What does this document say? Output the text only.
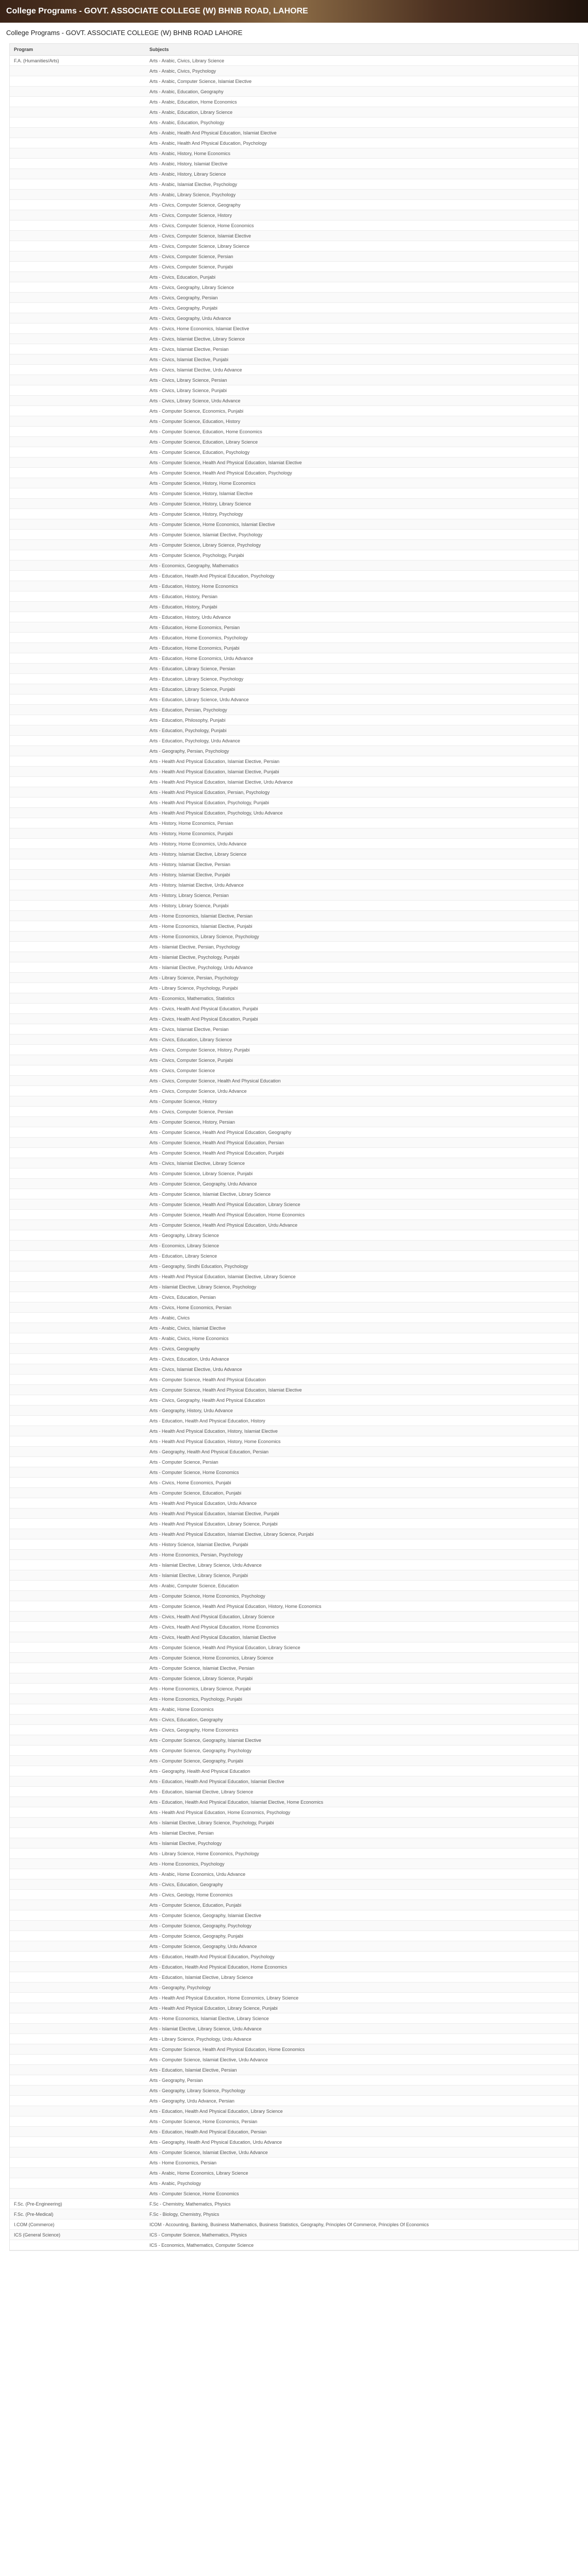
College Programs - GOVT. ASSOCIATE COLLEGE (W) BHNB ROAD, LAHORE
College Programs - GOVT. ASSOCIATE COLLEGE (W) BHNB ROAD LAHORE
Program	Subjects
F.A. (Humanities/Arts)	Arts - Arabic, Civics, Library Science
	Arts - Arabic, Civics, Psychology
	Arts - Arabic, Computer Science, Islamiat Elective
	Arts - Arabic, Education, Geography
	Arts - Arabic, Education, Home Economics
	Arts - Arabic, Education, Library Science
	Arts - Arabic, Education, Psychology
	Arts - Arabic, Health And Physical Education, Islamiat Elective
	Arts - Arabic, Health And Physical Education, Psychology
	Arts - Arabic, History, Home Economics
	Arts - Arabic, History, Islamiat Elective
	Arts - Arabic, History, Library Science
	Arts - Arabic, Islamiat Elective, Psychology
	Arts - Arabic, Library Science, Psychology
	Arts - Civics, Computer Science, Geography
	Arts - Civics, Computer Science, History
	Arts - Civics, Computer Science, Home Economics
	Arts - Civics, Computer Science, Islamiat Elective
	Arts - Civics, Computer Science, Library Science
	Arts - Civics, Computer Science, Persian
	Arts - Civics, Computer Science, Punjabi
	Arts - Civics, Education, Punjabi
	Arts - Civics, Geography, Library Science
	Arts - Civics, Geography, Persian
	Arts - Civics, Geography, Punjabi
	Arts - Civics, Geography, Urdu Advance
	Arts - Civics, Home Economics, Islamiat Elective
	Arts - Civics, Islamiat Elective, Library Science
	Arts - Civics, Islamiat Elective, Persian
	Arts - Civics, Islamiat Elective, Punjabi
	Arts - Civics, Islamiat Elective, Urdu Advance
	Arts - Civics, Library Science, Persian
	Arts - Civics, Library Science, Punjabi
	Arts - Civics, Library Science, Urdu Advance
	Arts - Computer Science, Economics, Punjabi
	Arts - Computer Science, Education, History
	Arts - Computer Science, Education, Home Economics
	Arts - Computer Science, Education, Library Science
	Arts - Computer Science, Education, Psychology
	Arts - Computer Science, Health And Physical Education, Islamiat Elective
	Arts - Computer Science, Health And Physical Education, Psychology
	Arts - Computer Science, History, Home Economics
	Arts - Computer Science, History, Islamiat Elective
	Arts - Computer Science, History, Library Science
	Arts - Computer Science, History, Psychology
	Arts - Computer Science, Home Economics, Islamiat Elective
	Arts - Computer Science, Islamiat Elective, Psychology
	Arts - Computer Science, Library Science, Psychology
	Arts - Computer Science, Psychology, Punjabi
	Arts - Economics, Geography, Mathematics
	Arts - Education, Health And Physical Education, Psychology
	Arts - Education, History, Home Economics
	Arts - Education, History, Persian
	Arts - Education, History, Punjabi
	Arts - Education, History, Urdu Advance
	Arts - Education, Home Economics, Persian
	Arts - Education, Home Economics, Psychology
	Arts - Education, Home Economics, Punjabi
	Arts - Education, Home Economics, Urdu Advance
	Arts - Education, Library Science, Persian
	Arts - Education, Library Science, Psychology
	Arts - Education, Library Science, Punjabi
	Arts - Education, Library Science, Urdu Advance
	Arts - Education, Persian, Psychology
	Arts - Education, Philosophy, Punjabi
	Arts - Education, Psychology, Punjabi
	Arts - Education, Psychology, Urdu Advance
	Arts - Geography, Persian, Psychology
	Arts - Health And Physical Education, Islamiat Elective, Persian
	Arts - Health And Physical Education, Islamiat Elective, Punjabi
	Arts - Health And Physical Education, Islamiat Elective, Urdu Advance
	Arts - Health And Physical Education, Persian, Psychology
	Arts - Health And Physical Education, Psychology, Punjabi
	Arts - Health And Physical Education, Psychology, Urdu Advance
	Arts - History, Home Economics, Persian
	Arts - History, Home Economics, Punjabi
	Arts - History, Home Economics, Urdu Advance
	Arts - History, Islamiat Elective, Library Science
	Arts - History, Islamiat Elective, Persian
	Arts - History, Islamiat Elective, Punjabi
	Arts - History, Islamiat Elective, Urdu Advance
	Arts - History, Library Science, Persian
	Arts - History, Library Science, Punjabi
	Arts - Home Economics, Islamiat Elective, Persian
	Arts - Home Economics, Islamiat Elective, Punjabi
	Arts - Home Economics, Library Science, Psychology
	Arts - Islamiat Elective, Persian, Psychology
	Arts - Islamiat Elective, Psychology, Punjabi
	Arts - Islamiat Elective, Psychology, Urdu Advance
	Arts - Library Science, Persian, Psychology
	Arts - Library Science, Psychology, Punjabi
	Arts - Economics, Mathematics, Statistics
	Arts - Civics, Health And Physical Education, Punjabi
	Arts - Civics, Health And Physical Education, Punjabi
	Arts - Civics, Islamiat Elective, Persian
	Arts - Civics, Education, Library Science
	Arts - Civics, Computer Science, History, Punjabi
	Arts - Civics, Computer Science, Punjabi
	Arts - Civics, Computer Science
	Arts - Civics, Computer Science, Health And Physical Education
	Arts - Civics, Computer Science, Urdu Advance
	Arts - Computer Science, History
	Arts - Civics, Computer Science, Persian
	Arts - Computer Science, History, Persian
	Arts - Computer Science, Health And Physical Education, Geography
	Arts - Computer Science, Health And Physical Education, Persian
	Arts - Computer Science, Health And Physical Education, Punjabi
	Arts - Civics, Islamiat Elective, Library Science
	Arts - Computer Science, Library Science, Punjabi
	Arts - Computer Science, Geography, Urdu Advance
	Arts - Computer Science, Islamiat Elective, Library Science
	Arts - Computer Science, Health And Physical Education, Library Science
	Arts - Computer Science, Health And Physical Education, Home Economics
	Arts - Computer Science, Health And Physical Education, Urdu Advance
	Arts - Geography, Library Science
	Arts - Economics, Library Science
	Arts - Education, Library Science
	Arts - Geography, Sindhi Education, Psychology
	Arts - Health And Physical Education, Islamiat Elective, Library Science
	Arts - Islamiat Elective, Library Science, Psychology
	Arts - Civics, Education, Persian
	Arts - Civics, Home Economics, Persian
	Arts - Arabic, Civics
	Arts - Arabic, Civics, Islamiat Elective
	Arts - Arabic, Civics, Home Economics
	Arts - Civics, Geography
	Arts - Civics, Education, Urdu Advance
	Arts - Civics, Islamiat Elective, Urdu Advance
	Arts - Computer Science, Health And Physical Education
	Arts - Computer Science, Health And Physical Education, Islamiat Elective
	Arts - Civics, Geography, Health And Physical Education
	Arts - Geography, History, Urdu Advance
	Arts - Education, Health And Physical Education, History
	Arts - Health And Physical Education, History, Islamiat Elective
	Arts - Health And Physical Education, History, Home Economics
	Arts - Geography, Health And Physical Education, Persian
	Arts - Computer Science, Persian
	Arts - Computer Science, Home Economics
	Arts - Civics, Home Economics, Punjabi
	Arts - Computer Science, Education, Punjabi
	Arts - Health And Physical Education, Urdu Advance
	Arts - Health And Physical Education, Islamiat Elective, Punjabi
	Arts - Health And Physical Education, Library Science, Punjabi
	Arts - Health And Physical Education, Islamiat Elective, Library Science, Punjabi
	Arts - History Science, Islamiat Elective, Punjabi
	Arts - Home Economics, Persian, Psychology
	Arts - Islamiat Elective, Library Science, Urdu Advance
	Arts - Islamiat Elective, Library Science, Punjabi
	Arts - Arabic, Computer Science, Education
	Arts - Computer Science, Home Economics, Psychology
	Arts - Computer Science, Health And Physical Education, History, Home Economics
	Arts - Civics, Health And Physical Education, Library Science
	Arts - Civics, Health And Physical Education, Home Economics
	Arts - Civics, Health And Physical Education, Islamiat Elective
	Arts - Computer Science, Health And Physical Education, Library Science
	Arts - Computer Science, Home Economics, Library Science
	Arts - Computer Science, Islamiat Elective, Persian
	Arts - Computer Science, Library Science, Punjabi
	Arts - Home Economics, Library Science, Punjabi
	Arts - Home Economics, Psychology, Punjabi
	Arts - Arabic, Home Economics
	Arts - Civics, Education, Geography
	Arts - Civics, Geography, Home Economics
	Arts - Computer Science, Geography, Islamiat Elective
	Arts - Computer Science, Geography, Psychology
	Arts - Computer Science, Geography, Punjabi
	Arts - Geography, Health And Physical Education
	Arts - Education, Health And Physical Education, Islamiat Elective
	Arts - Education, Islamiat Elective, Library Science
	Arts - Education, Health And Physical Education, Islamiat Elective, Home Economics
	Arts - Health And Physical Education, Home Economics, Psychology
	Arts - Islamiat Elective, Library Science, Psychology, Punjabi
	Arts - Islamiat Elective, Persian
	Arts - Islamiat Elective, Psychology
	Arts - Library Science, Home Economics, Psychology
	Arts - Home Economics, Psychology
	Arts - Arabic, Home Economics, Urdu Advance
	Arts - Civics, Education, Geography
	Arts - Civics, Geology, Home Economics
	Arts - Computer Science, Education, Punjabi
	Arts - Computer Science, Geography, Islamiat Elective
	Arts - Computer Science, Geography, Psychology
	Arts - Computer Science, Geography, Punjabi
	Arts - Computer Science, Geography, Urdu Advance
	Arts - Education, Health And Physical Education, Psychology
	Arts - Education, Health And Physical Education, Home Economics
	Arts - Education, Islamiat Elective, Library Science
	Arts - Geography, Psychology
	Arts - Health And Physical Education, Home Economics, Library Science
	Arts - Health And Physical Education, Library Science, Punjabi
	Arts - Home Economics, Islamiat Elective, Library Science
	Arts - Islamiat Elective, Library Science, Urdu Advance
	Arts - Library Science, Psychology, Urdu Advance
	Arts - Computer Science, Health And Physical Education, Home Economics
	Arts - Computer Science, Islamiat Elective, Urdu Advance
	Arts - Education, Islamiat Elective, Persian
	Arts - Geography, Persian
	Arts - Geography, Library Science, Psychology
	Arts - Geography, Urdu Advance, Persian
	Arts - Education, Health And Physical Education, Library Science
	Arts - Computer Science, Home Economics, Persian
	Arts - Education, Health And Physical Education, Persian
	Arts - Geography, Health And Physical Education, Urdu Advance
	Arts - Computer Science, Islamiat Elective, Urdu Advance
	Arts - Home Economics, Persian
	Arts - Arabic, Home Economics, Library Science
	Arts - Arabic, Psychology
	Arts - Computer Science, Home Economics
F.Sc. (Pre-Engineering)	F.Sc - Chemistry, Mathematics, Physics
F.Sc. (Pre-Medical)	F.Sc - Biology, Chemistry, Physics
I.COM (Commerce)	ICOM - Accounting, Banking, Business Mathematics, Business Statistics, Geography, Principles Of Commerce, Principles Of Economics
ICS (General Science)	ICS - Computer Science, Mathematics, Physics
	ICS - Economics, Mathematics, Computer Science
